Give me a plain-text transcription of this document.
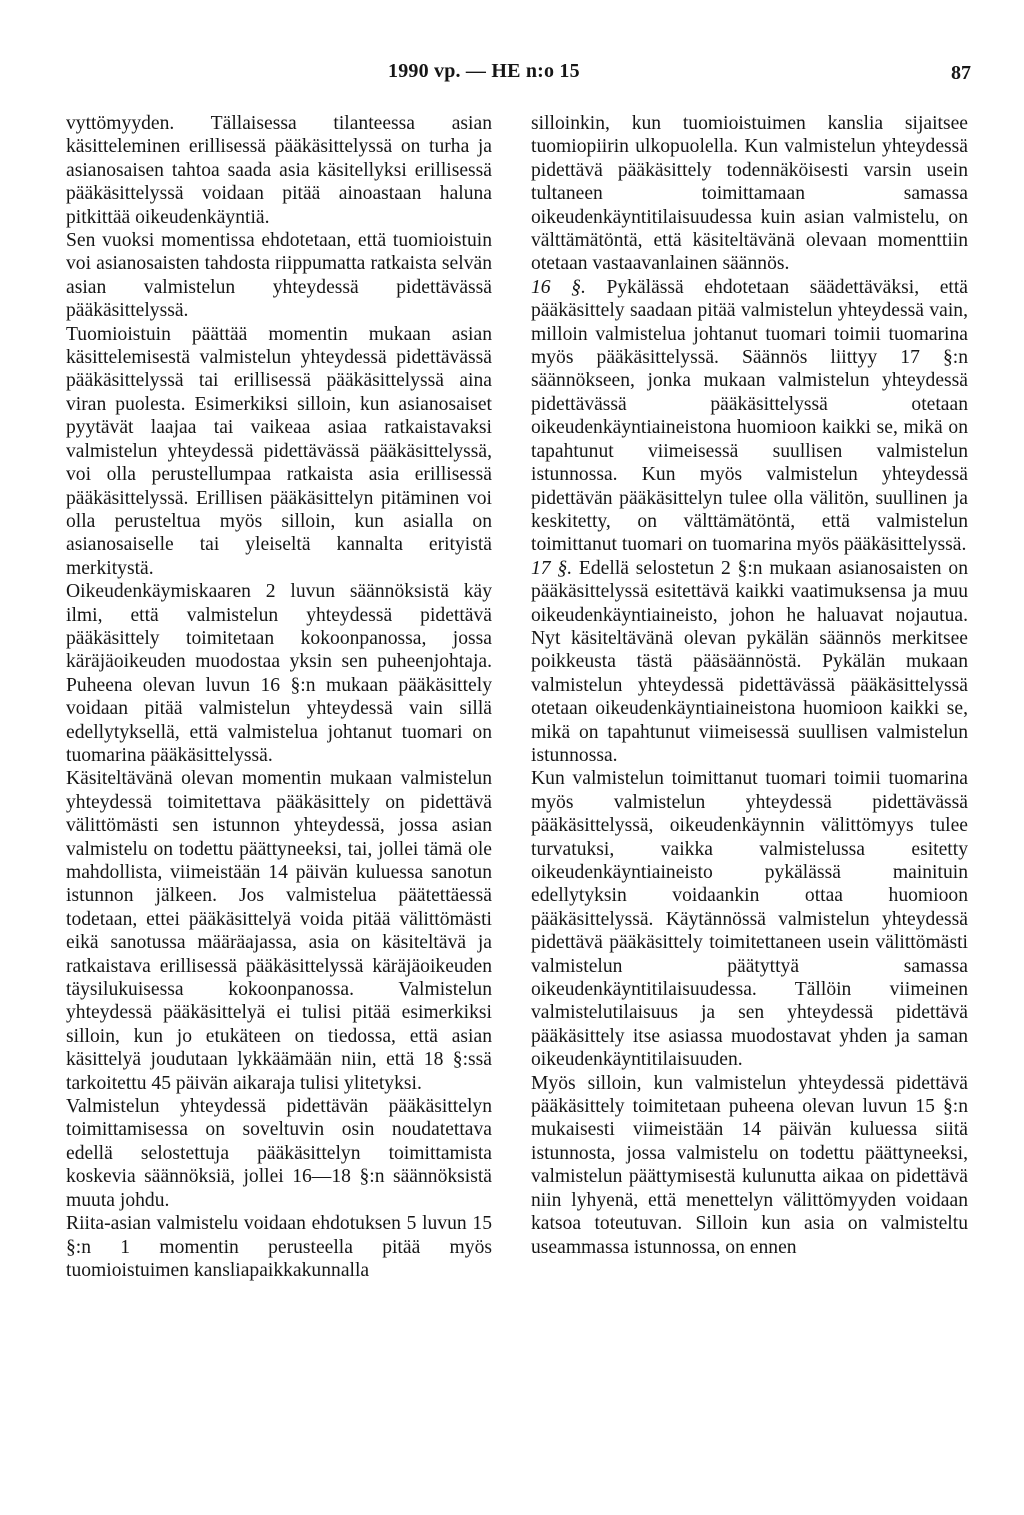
1990 vp. — HE n:o 15	87

vyttömyyden. Tällaisessa tilanteessa asian käsitteleminen erillisessä pääkäsittelyssä on turha ja asianosaisen tahtoa saada asia käsitellyksi erillisessä pääkäsittelyssä voidaan pitää ainoastaan haluna pitkittää oikeudenkäyntiä.

Sen vuoksi momentissa ehdotetaan, että tuomioistuin voi asianosaisten tahdosta riippumatta ratkaista selvän asian valmistelun yhteydessä pidettävässä pääkäsittelyssä.

Tuomioistuin päättää momentin mukaan asian käsittelemisestä valmistelun yhteydessä pidettävässä pääkäsittelyssä tai erillisessä pääkäsittelyssä aina viran puolesta. Esimerkiksi silloin, kun asianosaiset pyytävät laajaa tai vaikeaa asiaa ratkaistavaksi valmistelun yhteydessä pidettävässä pääkäsittelyssä, voi olla perustellumpaa ratkaista asia erillisessä pääkäsittelyssä. Erillisen pääkäsittelyn pitäminen voi olla perusteltua myös silloin, kun asialla on asianosaiselle tai yleiseltä kannalta erityistä merkitystä.

Oikeudenkäymiskaaren 2 luvun säännöksistä käy ilmi, että valmistelun yhteydessä pidettävä pääkäsittely toimitetaan kokoonpanossa, jossa käräjäoikeuden muodostaa yksin sen puheenjohtaja. Puheena olevan luvun 16 §:n mukaan pääkäsittely voidaan pitää valmistelun yhteydessä vain sillä edellytyksellä, että valmistelua johtanut tuomari on tuomarina pääkäsittelyssä.

Käsiteltävänä olevan momentin mukaan valmistelun yhteydessä toimitettava pääkäsittely on pidettävä välittömästi sen istunnon yhteydessä, jossa asian valmistelu on todettu päättyneeksi, tai, jollei tämä ole mahdollista, viimeistään 14 päivän kuluessa sanotun istunnon jälkeen. Jos valmistelua päätettäessä todetaan, ettei pääkäsittelyä voida pitää välittömästi eikä sanotussa määräajassa, asia on käsiteltävä ja ratkaistava erillisessä pääkäsittelyssä käräjäoikeuden täysilukuisessa kokoonpanossa. Valmistelun yhteydessä pääkäsittelyä ei tulisi pitää esimerkiksi silloin, kun jo etukäteen on tiedossa, että asian käsittelyä joudutaan lykkäämään niin, että 18 §:ssä tarkoitettu 45 päivän aikaraja tulisi ylitetyksi.

Valmistelun yhteydessä pidettävän pääkäsittelyn toimittamisessa on soveltuvin osin noudatettava edellä selostettuja pääkäsittelyn toimittamista koskevia säännöksiä, jollei 16—18 §:n säännöksistä muuta johdu.

Riita-asian valmistelu voidaan ehdotuksen 5 luvun 15 §:n 1 momentin perusteella pitää myös tuomioistuimen kansliapaikkakunnalla

silloinkin, kun tuomioistuimen kanslia sijaitsee tuomiopiirin ulkopuolella. Kun valmistelun yhteydessä pidettävä pääkäsittely todennäköisesti varsin usein tultaneen toimittamaan samassa oikeudenkäyntitilaisuudessa kuin asian valmistelu, on välttämätöntä, että käsiteltävänä olevaan momenttiin otetaan vastaavanlainen säännös.

16 §. Pykälässä ehdotetaan säädettäväksi, että pääkäsittely saadaan pitää valmistelun yhteydessä vain, milloin valmistelua johtanut tuomari toimii tuomarina myös pääkäsittelyssä. Säännös liittyy 17 §:n säännökseen, jonka mukaan valmistelun yhteydessä pidettävässä pääkäsittelyssä otetaan oikeudenkäyntiaineistona huomioon kaikki se, mikä on tapahtunut viimeisessä suullisen valmistelun istunnossa. Kun myös valmistelun yhteydessä pidettävän pääkäsittelyn tulee olla välitön, suullinen ja keskitetty, on välttämätöntä, että valmistelun toimittanut tuomari on tuomarina myös pääkäsittelyssä.

17 §. Edellä selostetun 2 §:n mukaan asianosaisten on pääkäsittelyssä esitettävä kaikki vaatimuksensa ja muu oikeudenkäyntiaineisto, johon he haluavat nojautua. Nyt käsiteltävänä olevan pykälän säännös merkitsee poikkeusta tästä pääsäännöstä. Pykälän mukaan valmistelun yhteydessä pidettävässä pääkäsittelyssä otetaan oikeudenkäyntiaineistona huomioon kaikki se, mikä on tapahtunut viimeisessä suullisen valmistelun istunnossa.

Kun valmistelun toimittanut tuomari toimii tuomarina myös valmistelun yhteydessä pidettävässä pääkäsittelyssä, oikeudenkäynnin välittömyys tulee turvatuksi, vaikka valmistelussa esitetty oikeudenkäyntiaineisto pykälässä mainituin edellytyksin voidaankin ottaa huomioon pääkäsittelyssä. Käytännössä valmistelun yhteydessä pidettävä pääkäsittely toimitettaneen usein välittömästi valmistelun päätyttyä samassa oikeudenkäyntitilaisuudessa. Tällöin viimeinen valmistelutilaisuus ja sen yhteydessä pidettävä pääkäsittely itse asiassa muodostavat yhden ja saman oikeudenkäyntitilaisuuden.

Myös silloin, kun valmistelun yhteydessä pidettävä pääkäsittely toimitetaan puheena olevan luvun 15 §:n mukaisesti viimeistään 14 päivän kuluessa siitä istunnosta, jossa valmistelu on todettu päättyneeksi, valmistelun päättymisestä kulunutta aikaa on pidettävä niin lyhyenä, että menettelyn välittömyyden voidaan katsoa toteutuvan. Silloin kun asia on valmisteltu useammassa istunnossa, on ennen
